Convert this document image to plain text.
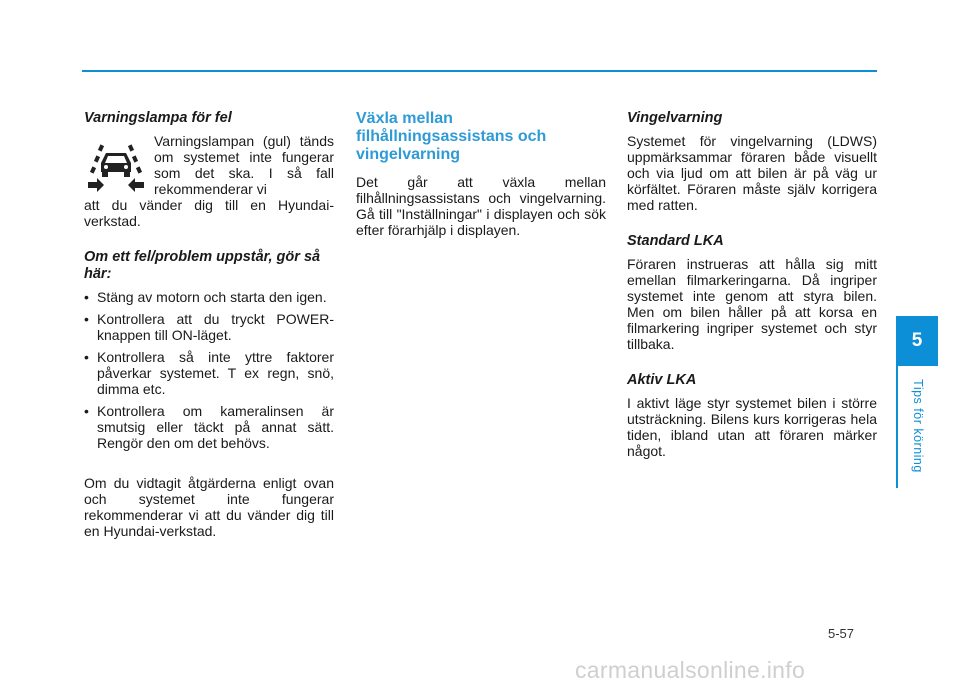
5
Tips för körning
Varningslampa för fel

Varningslampan (gul) tänds om systemet inte fungerar som det ska. I så fall rekommenderar vi

att du vänder dig till en Hyundai-verkstad.

Om ett fel/problem uppstår, gör så här:
• Stäng av motorn och starta den igen.
• Kontrollera att du tryckt POWER-knappen till ON-läget.
• Kontrollera så inte yttre faktorer påverkar systemet. T ex regn, snö, dimma etc.
• Kontrollera om kameralinsen är smutsig eller täckt på annat sätt. Rengör den om det behövs.

Om du vidtagit åtgärderna enligt ovan och systemet inte fungerar rekommenderar vi att du vänder dig till en Hyundai-verkstad.

Växla mellan filhållningsassistans och vingelvarning

Det går att växla mellan filhållningsassistans och vingelvarning. Gå till "Inställningar" i displayen och sök efter förarhjälp i displayen.

Vingelvarning

Systemet för vingelvarning (LDWS) uppmärksammar föraren både visuellt och via ljud om att bilen är på väg ur körfältet. Föraren måste själv korrigera med ratten.

Standard LKA

Föraren instrueras att hålla sig mitt emellan filmarkeringarna. Då ingriper systemet inte genom att styra bilen. Men om bilen håller på att korsa en filmarkering ingriper systemet och styr tillbaka.

Aktiv LKA

I aktivt läge styr systemet bilen i större utsträckning. Bilens kurs korrigeras hela tiden, ibland utan att föraren märker något.

5-57
carmanualsonline.info
